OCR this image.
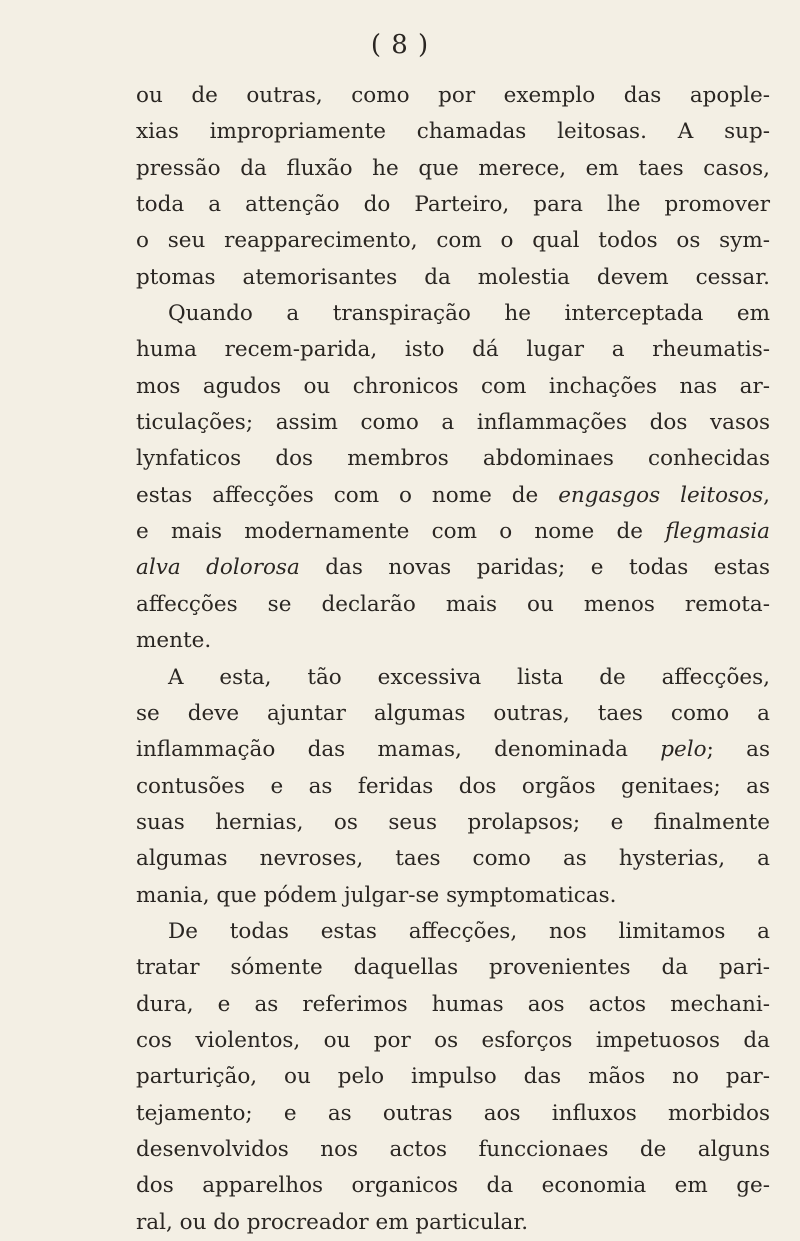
( 8 )
ou de outras, como por exemplo das apople-
xias impropriamente chamadas leitosas. A sup-
pressão da fluxão he que merece, em taes casos,
toda a attenção do Parteiro, para lhe promover
o seu reapparecimento, com o qual todos os sym-
ptomas atemorisantes da molestia devem cessar.
Quando a transpiração he interceptada em
huma recem-parida, isto dá lugar a rheumatis-
mos agudos ou chronicos com inchações nas ar-
ticulações; assim como a inflammações dos vasos
lynfaticos dos membros abdominaes conhecidas
estas affecções com o nome de engasgos leitosos,
e mais modernamente com o nome de flegmasia
alva dolorosa das novas paridas; e todas estas
affecções se declarão mais ou menos remota-
mente.
A esta, tão excessiva lista de affecções,
se deve ajuntar algumas outras, taes como a
inflammação das mamas, denominada pelo; as
contusões e as feridas dos orgãos genitaes; as
suas hernias, os seus prolapsos; e finalmente
algumas nevroses, taes como as hysterias, a
mania, que pódem julgar-se symptomaticas.
De todas estas affecções, nos limitamos a
tratar sómente daquellas provenientes da pari-
dura, e as referimos humas aos actos mechani-
cos violentos, ou por os esforços impetuosos da
parturição, ou pelo impulso das mãos no par-
tejamento; e as outras aos influxos morbidos
desenvolvidos nos actos funccionaes de alguns
dos apparelhos organicos da economia em ge-
ral, ou do procreador em particular.
